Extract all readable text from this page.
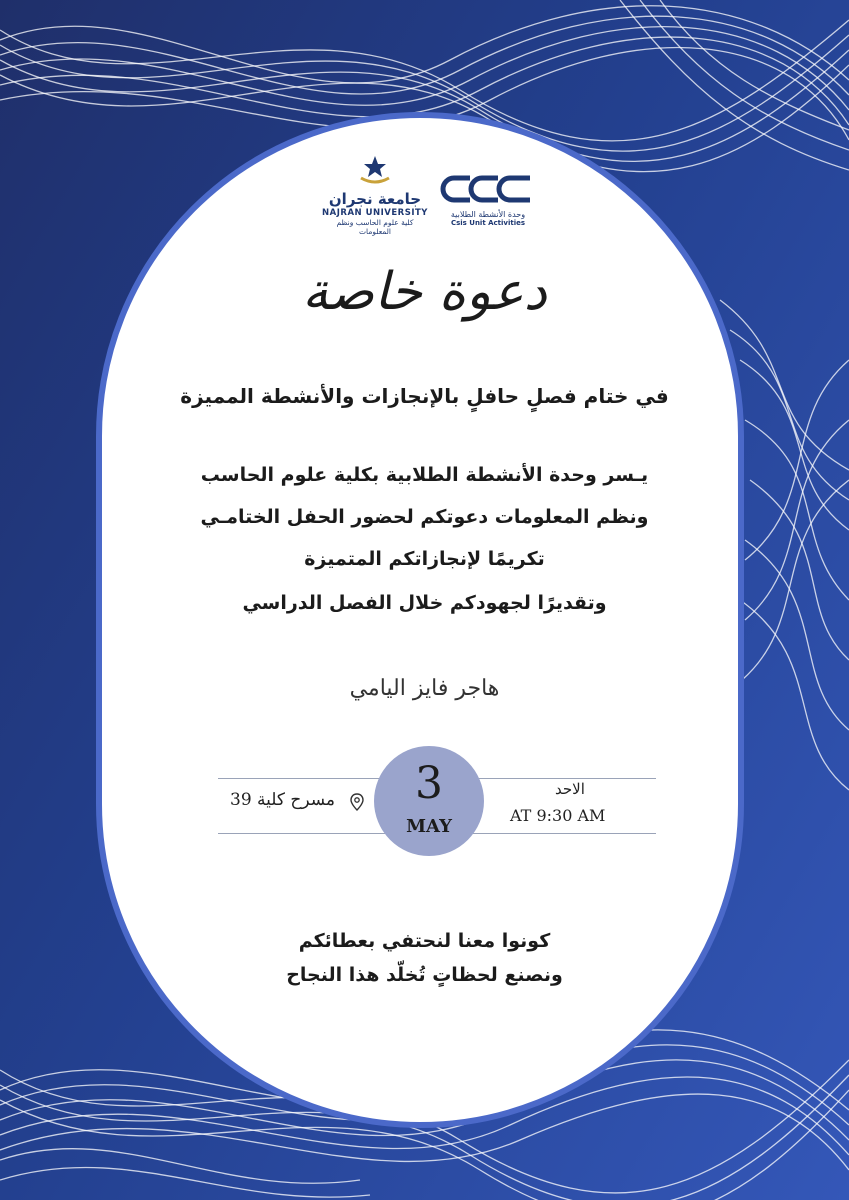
جامعة نجران
NAJRAN UNIVERSITY
كلية علوم الحاسب ونظم المعلومات
وحدة الأنشطة الطلابية
Csis Unit Activities
دعوة خاصة
في ختام فصلٍ حافلٍ بالإنجازات والأنشطة المميزة
يـسر وحدة الأنشطة الطلابية بكلية علوم الحاسب
ونظم المعلومات دعوتكم لحضور الحفل الختامـي
تكريمًا لإنجازاتكم المتميزة
وتقديرًا لجهودكم خلال الفصل الدراسي
هاجر فايز اليامي
مسرح كلية 39	3
MAY
الاحد
AT 9:30 AM
كونوا معنا لنحتفي بعطائكم
ونصنع لحظاتٍ تُخلّد هذا النجاح
